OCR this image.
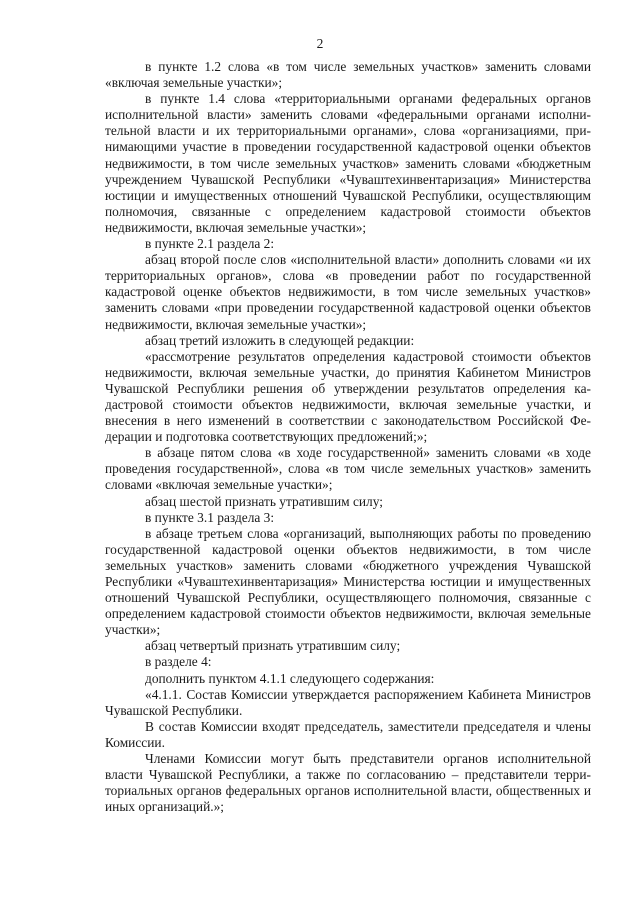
2

в пункте 1.2 слова «в том числе земельных участков» заменить словами «включая земельные участки»;

в пункте 1.4 слова «территориальными органами федеральных органов исполнительной власти» заменить словами «федеральными органами исполнительной власти и их территориальными органами», слова «организациями, принимающими участие в проведении государственной кадастровой оценки объектов недвижимости, в том числе земельных участков» заменить словами «бюджетным учреждением Чувашской Республики «Чуваштехинвентаризация» Министерства юстиции и имущественных отношений Чувашской Республики, осуществляющим полномочия, связанные с определением кадастровой стоимости объектов недвижимости, включая земельные участки»;

в пункте 2.1 раздела 2:

абзац второй после слов «исполнительной власти» дополнить словами «и их территориальных органов», слова «в проведении работ по государственной кадастровой оценке объектов недвижимости, в том числе земельных участков» заменить словами «при проведении государственной кадастровой оценки объектов недвижимости, включая земельные участки»;

абзац третий изложить в следующей редакции:

«рассмотрение результатов определения кадастровой стоимости объектов недвижимости, включая земельные участки, до принятия Кабинетом Министров Чувашской Республики решения об утверждении результатов определения кадастровой стоимости объектов недвижимости, включая земельные участки, и внесения в него изменений в соответствии с законодательством Российской Федерации и подготовка соответствующих предложений;»;

в абзаце пятом слова «в ходе государственной» заменить словами «в ходе проведения государственной», слова «в том числе земельных участков» заменить словами «включая земельные участки»;

абзац шестой признать утратившим силу;

в пункте 3.1 раздела 3:

в абзаце третьем слова «организаций, выполняющих работы по проведению государственной кадастровой оценки объектов недвижимости, в том числе земельных участков» заменить словами «бюджетного учреждения Чувашской Республики «Чуваштехинвентаризация» Министерства юстиции и имущественных отношений Чувашской Республики, осуществляющего полномочия, связанные с определением кадастровой стоимости объектов недвижимости, включая земельные участки»;

абзац четвертый признать утратившим силу;

в разделе 4:

дополнить пунктом 4.1.1 следующего содержания:

«4.1.1. Состав Комиссии утверждается распоряжением Кабинета Министров Чувашской Республики.

В состав Комиссии входят председатель, заместители председателя и члены Комиссии.

Членами Комиссии могут быть представители органов исполнительной власти Чувашской Республики, а также по согласованию – представители территориальных органов федеральных органов исполнительной власти, общественных и иных организаций.»;
